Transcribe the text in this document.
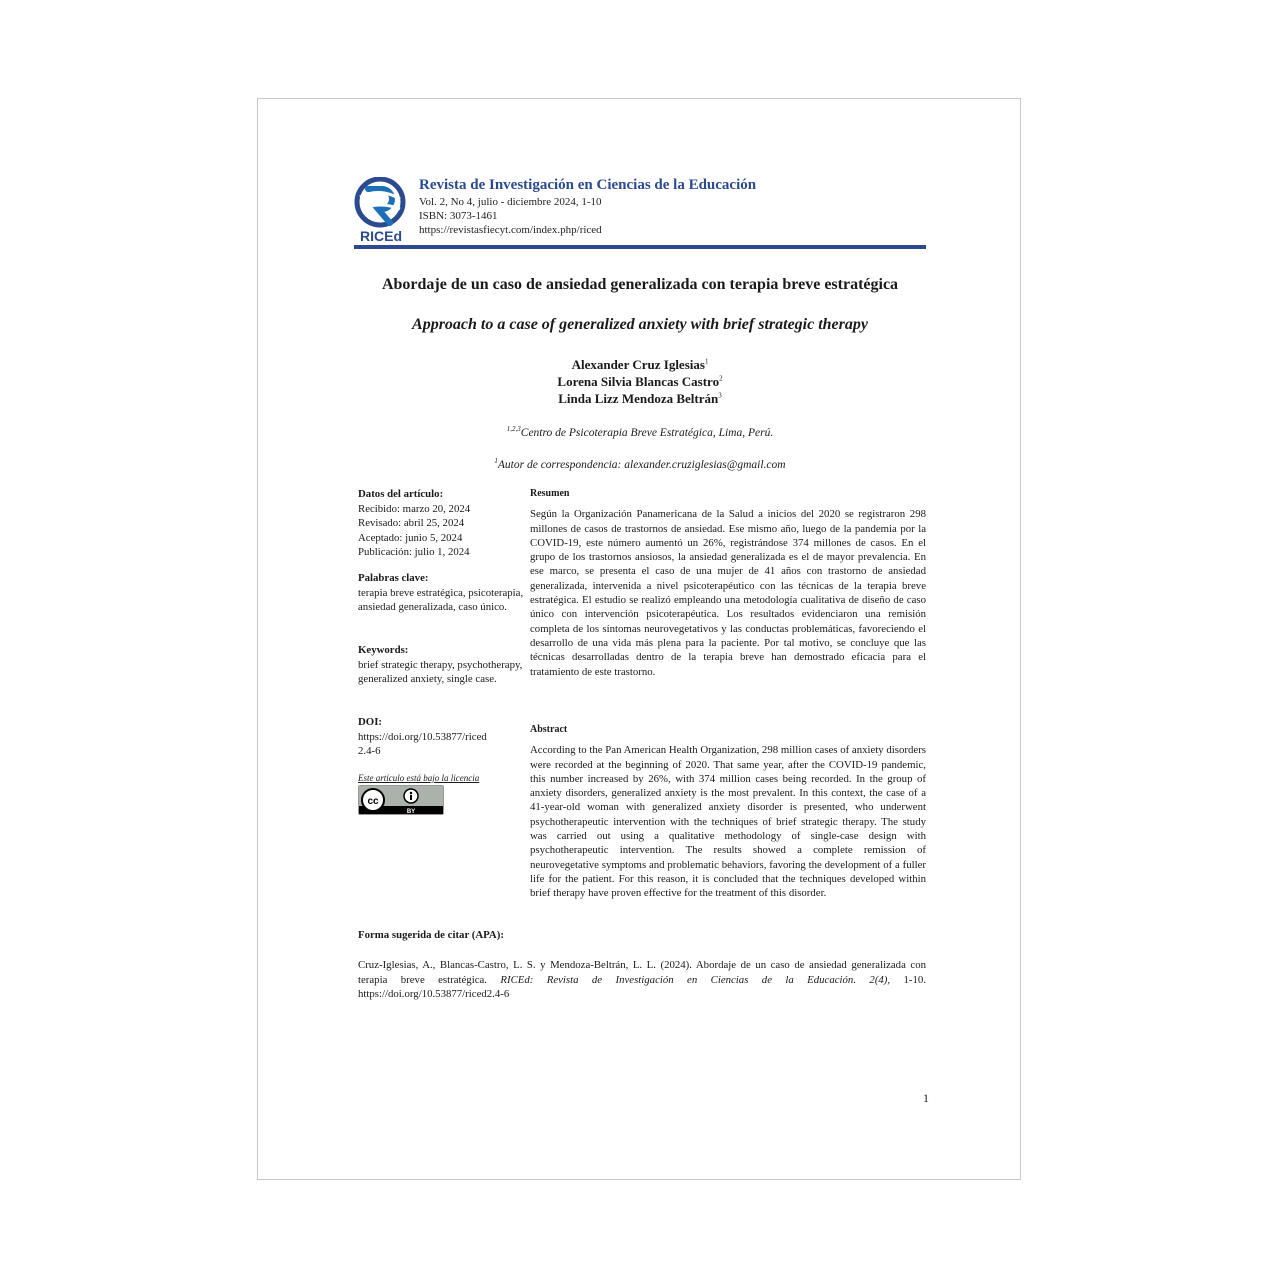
RICEd
Revista de Investigación en Ciencias de la Educación
Vol. 2, No 4, julio - diciembre 2024, 1-10
ISBN: 3073-1461
https://revistasfiecyt.com/index.php/riced
Abordaje de un caso de ansiedad generalizada con terapia breve estratégica
Approach to a case of generalized anxiety with brief strategic therapy
Alexander Cruz Iglesias$^1$
Lorena Silvia Blancas Castro$^2$
Linda Lizz Mendoza Beltrán$^3$
$^{1,2,3}$Centro de Psicoterapia Breve Estratégica, Lima, Perú.
$^1$Autor de correspondencia: alexander.cruziglesias@gmail.com

Datos del artículo:

Recibido: marzo 20, 2024

Revisado: abril 25, 2024

Aceptado: junio 5, 2024

Publicación: julio 1, 2024

Palabras clave:

terapia breve estratégica, psicoterapia, ansiedad generalizada, caso único.

Keywords:

brief strategic therapy, psychotherapy, generalized anxiety, single case.

DOI:

https://doi.org/10.53877/riced
2.4-6

Este artículo está bajo la licencia

cc
BY

Resumen

Según la Organización Panamericana de la Salud a inicios del 2020 se registraron 298 millones de casos de trastornos de ansiedad. Ese mismo año, luego de la pandemia por la COVID-19, este número aumentó un 26%, registrándose 374 millones de casos. En el grupo de los trastornos ansiosos, la ansiedad generalizada es el de mayor prevalencia. En ese marco, se presenta el caso de una mujer de 41 años con trastorno de ansiedad generalizada, intervenida a nivel psicoterapéutico con las técnicas de la terapia breve estratégica. El estudio se realizó empleando una metodología cualitativa de diseño de caso único con intervención psicoterapéutica. Los resultados evidenciaron una remisión completa de los síntomas neurovegetativos y las conductas problemáticas, favoreciendo el desarrollo de una vida más plena para la paciente. Por tal motivo, se concluye que las técnicas desarrolladas dentro de la terapia breve han demostrado eficacia para el tratamiento de este trastorno.

Abstract

According to the Pan American Health Organization, 298 million cases of anxiety disorders were recorded at the beginning of 2020. That same year, after the COVID-19 pandemic, this number increased by 26%, with 374 million cases being recorded. In the group of anxiety disorders, generalized anxiety is the most prevalent. In this context, the case of a 41-year-old woman with generalized anxiety disorder is presented, who underwent psychotherapeutic intervention with the techniques of brief strategic therapy. The study was carried out using a qualitative methodology of single-case design with psychotherapeutic intervention. The results showed a complete remission of neurovegetative symptoms and problematic behaviors, favoring the development of a fuller life for the patient. For this reason, it is concluded that the techniques developed within brief therapy have proven effective for the treatment of this disorder.

Forma sugerida de citar (APA):
Cruz-Iglesias, A., Blancas-Castro, L. S. y Mendoza-Beltrán, L. L. (2024). Abordaje de un caso de ansiedad generalizada con terapia breve estratégica. RICEd: Revista de Investigación en Ciencias de la Educación. 2(4), 1-10. https://doi.org/10.53877/riced2.4-6
1
